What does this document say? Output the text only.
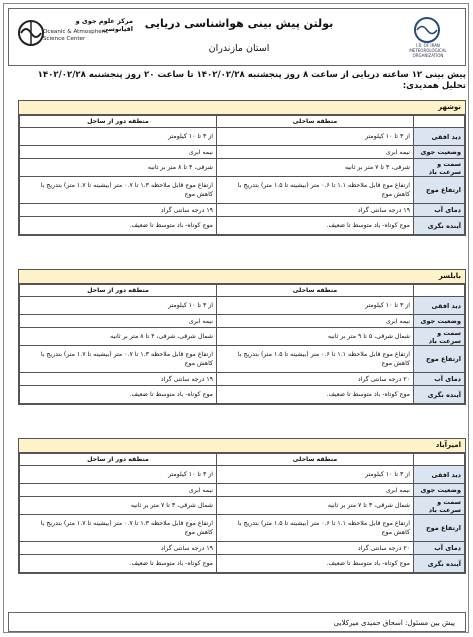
مرکز علوم جوی و اقیانوسی
Oceanic & Atmospheric
Science Center
بولتن پیش بینی هواشناسی دریایی
استان مازندران	I.R. OF IRAN METEOROLOGICAL ORGANIZATION
پیش بینی ۱۲ ساعته دریایی از ساعت ۸ روز پنجشنبه ۱۴۰۲/۰۲/۲۸ تا ساعت ۲۰ روز پنجشنبه ۱۴۰۲/۰۲/۲۸
تحلیل همدیدی:
نوشهر
	منطقه ساحلی	منطقه دور از ساحل
دید افقی	از ۳ تا ۱۰ کیلومتر	از ۳ تا ۱۰ کیلومتر
وضعیت جوی	نیمه ابری	نیمه ابری
سمت و سرعت باد	شرقی، ۳ تا ۷ متر بر ثانیه	شرقی، ۴ تا ۸ متر بر ثانیه
ارتفاع موج	ارتفاع موج قابل ملاحظه ۱.۱ تا ۰.۶ متر (بیشینه تا ۱.۵ متر) بتدریج با کاهش موج	ارتفاع موج قابل ملاحظه ۱.۳ تا ۰.۷ متر (بیشینه تا ۱.۷ متر) بتدریج با کاهش موج
دمای آب	۱۹ درجه سانتی گراد	۱۹ درجه سانتی گراد
آینده نگری	موج کوتاه- باد متوسط تا ضعیف.	موج کوتاه- باد متوسط تا ضعیف.
بابلسر
	منطقه ساحلی	منطقه دور از ساحل
دید افقی	از ۳ تا ۱۰ کیلومتر	از ۳ تا ۱۰ کیلومتر
وضعیت جوی	نیمه ابری	نیمه ابری
سمت و سرعت باد	شمال شرقی، ۵ تا ۹ متر بر ثانیه	شمال شرقی، شرقی، ۴ تا ۸ متر بر ثانیه
ارتفاع موج	ارتفاع موج قابل ملاحظه ۱.۱ تا ۰.۶ متر (بیشینه تا ۱.۵ متر) بتدریج با کاهش موج	ارتفاع موج قابل ملاحظه ۱.۳ تا ۰.۷ متر (بیشینه تا ۱.۷ متر) بتدریج با کاهش موج
دمای آب	۲۰ درجه سانتی گراد	۱۹ درجه سانتی گراد
آینده نگری	موج کوتاه- باد متوسط تا ضعیف.	موج کوتاه- باد متوسط تا ضعیف.
امیرآباد
	منطقه ساحلی	منطقه دور از ساحل
دید افقی	از ۳ تا ۱۰ کیلومتر	از ۳ تا ۱۰ کیلومتر
وضعیت جوی	نیمه ابری	نیمه ابری
سمت و سرعت باد	شمال شرقی، ۳ تا ۷ متر بر ثانیه	شمال شرقی، ۳ تا ۷ متر بر ثانیه
ارتفاع موج	ارتفاع موج قابل ملاحظه ۱.۱ تا ۰.۶ متر (بیشینه تا ۱.۵ متر) بتدریج با کاهش موج	ارتفاع موج قابل ملاحظه ۱.۳ تا ۰.۷ متر (بیشینه تا ۱.۷ متر) بتدریج با کاهش موج
دمای آب	۲۰ درجه سانتی گراد	۱۹ درجه سانتی گراد
آینده نگری	موج کوتاه- باد متوسط تا ضعیف.	موج کوتاه- باد متوسط تا ضعیف.
پیش بین مسئول: اسحاق حمیدی میرکلایی
